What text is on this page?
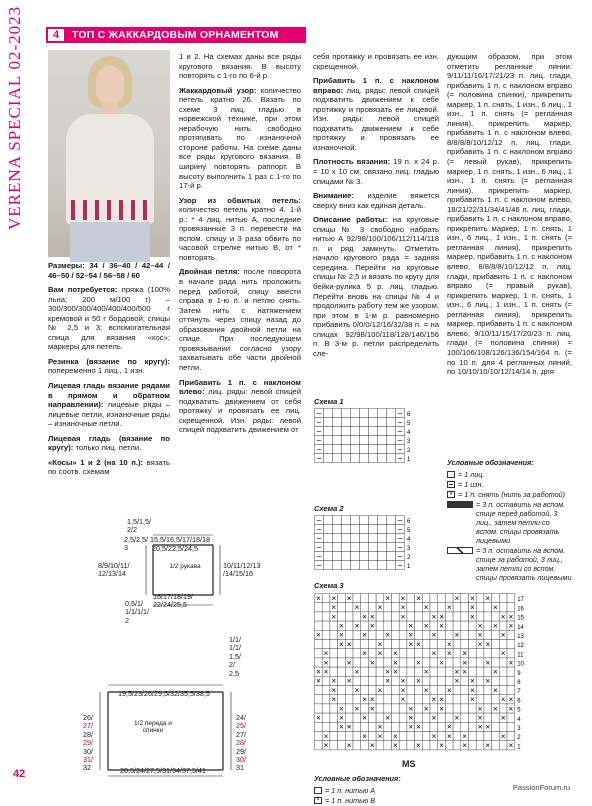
VERENA SPECIAL 02-2023
42
4	ТОП С ЖАККАРДОВЫМ ОРНАМЕНТОМ

Размеры: 34 / 36–40 / 42–44 / 46–50 / 52–54 / 56–58 / 60

Вам потребуется: пряжа (100% льна; 200 м/100 г) – 300/300/300/400/400/400/500 г кремовой и 50 г бордовой; спицы № 2,5 и 3; вспомогательная спица для вязания «кос»; маркеры для петель.

Резинка (вязание по кругу): попеременно 1 лиц., 1 изн.

Лицевая гладь вязание рядами в прямом и обратном направлении): лицевые ряды – лицевые петли, изнаночные ряды – изнаночные петли.

Лицевая гладь (вязание по кругу): только лиц. петли.

«Косы» 1 и 2 (на 10 п.): вязать по соотв. схемам

1 и 2. На схемах даны все ряды кругового вязания. В высоту повторять с 1-го по 6-й р.

Жаккардовый узор: количество петель кратно 26. Вязать по схеме 3 лиц. гладью в норвежской технике, при этом нерабочую нить свободно протягивать по изнаночной стороне работы. На схеме даны все ряды кругового вязания. В ширину повторять раппорт. В высоту выполнить 1 раз с 1-го по 17-й р.

Узор из обвитых петель: количество петель кратно 4. 1-й р.: * 4 лиц. нитью А, последние провязанные 3 п. перевести на вспом. спицу и 3 раза обвить по часовой стрелке нитью В, от * повторять.

Двойная петля: после поворота в начале ряда нить проложить перед работой, спицу ввести справа в 1-ю п. и петлю снять. Затем нить с натяжением оттянуть через спицу назад до образования двойной петли на спице. При последующем провязывании согласно узору захватывать обе части двойной петли.

Прибавить 1 п. с наклоном влево: лиц. ряды: левой спицей подхватить движением от себя протяжку и провязать ее лиц. скрещенной. Изн. ряды: левой спицей подхватить движением от

себя протяжку и провязать ее изн. скрещенной.

Прибавить 1 п. с наклоном вправо: лиц. ряды: левой спицей подхватить движением к себе протяжку и провязать ее лицевой. Изн. ряды: левой спицей подхватить движением к себе протяжку и провязать ее изнаночной.

Плотность вязания: 19 п. х 24 р. = 10 х 10 см, связано лиц. гладью спицами № 3.

Внимание: изделие вяжется сверху вниз как единая деталь.

Описание работы: на круговые спицы № 3 свободно набрать нитью А 92/98/100/106/112/114/118 п. и ряд замкнуть. Отметить начало кругового ряда = задняя середина. Перейти на круговые спицы № 2,5 и вязать по кругу для бейки-рулика 5 р. лиц. гладью. Перейти вновь на спицы № 4 и продолжить работу тем же узором, при этом в 1-м р. равномерно прибавить 0/0/0/12/16/32/38 п. = на спицах 92/98/100/118/128/146/156 п. В 3-м р. петли распределить сле-

дующим образом, при этом отметить регланные линии: 9/11/11/16/17/21/23 п. лиц. глади, прибавить 1 п. с наклоном вправо (= половина спинки), прикрепить маркер, 1 п. снять, 1 изн., 6 лиц., 1 изн., 1 п. снять (= регланная линия), прикрепить маркер, прибавить 1 п. с наклоном влево, 8/8/8/8/10/12/12 п. лиц. глади, прибавить 1 п. с наклоном вправо (= левый рукав), прикрепить маркер, 1 п. снять, 1 изн., 6 лиц., 1 изн., 1 п. снять (= регланная линия), прикрепить маркер, прибавить 1 п. с наклоном влево, 18/21/22/31/34/41/46 п. лиц. глади, прибавить 1 п. с наклоном вправо, прикрепить маркер, 1 п. снять, 1 изн., 6 лиц., 1 изн., 1 п. снять (= регланная линия), прикрепить маркер, прибавить 1 п. с наклоном влево, 8/8/8/8/10/12/12 п. лиц. глади, прибавить 1 п. с наклоном вправо (= правый рукав), прикрепить маркер, 1 п. снять, 1 изн., 6 лиц., 1 изн., 1 п. снять (= регланная линия), прикрепить маркер, прибавить 1 п. с наклоном влево, 9/10/11/15/17/20/23 п. лиц. глади (= половина спинки) = 100/106/108/126/136/154/164 п. (= по 10 п. для 4 регланных линий, по 10/10/10/10/12/14/14 п. для

1/2 рукава
1/2 переда и спинки
1,5/1,5/
2/2
2,5/2,5/
3
15,5/16,5/17/18/18
20,5/22,5/24,5
8/9/10/11/
12/13/14
10/11/12/13
/14/15/16
16/17/18/19/
22/24/25,5
0,5/1/
1/1/1/1/
2
1/1/
1/1/
1,5/
2/
2,5
19,5/23/26/29,5/32/35,5/38,5
26/
27/
28/
29/
30/
31/
32
24/
25/
27/
28/
29/
30/
31
20,5/24/27,5/31/34/37,5/41
Схема 1
–	–
–	–
–	–
–	–
–	–
–	–
6
5
4
3
2
1
Схема 2
–	–
–	–
–	–
–	–
–	–
–	–
6
5
4
3
2
1
Схема 3
× × ×	× × ×	× × ×
× × × × × × × ×
×	× ×	×	× ×	×	× ×
× × ×	× × ×	× × ×
× × × × × × × × ×
× ×	×	× ×	×	× ×
×	× × ×	× × ×	×
× × × × × × × × ×
× ×	×	× ×	×	× ×	×
× × ×	× × ×	× × ×
× × × × × × × ×
×	× ×	×	× ×	×	× ×
× × ×	× × ×	× × ×
× × × × × × × × ×
× ×	×	× ×	×	× ×
×	× × ×	× × ×	×
× × × × × × × × ×
17
16
15
14
13
12
11
10
9
8
7
6
5
4
3
2
1
MS
Условные обозначения:
= 1 лиц.
= 1 изн.
V = 1 п. снять (нить за работой)
= 3 п. оставить на вспом. спице перед работой, 3 лиц., затем петли со вспом. спицы провязать лицевыми
= 3 п. оставить на вспом. спице за работой, 3 лиц., затем петли со вспом. спицы провязать лицевыми
Условные обозначения:
= 1 п. нитью А
× = 1 п. нитью В
PassionForum.ru
